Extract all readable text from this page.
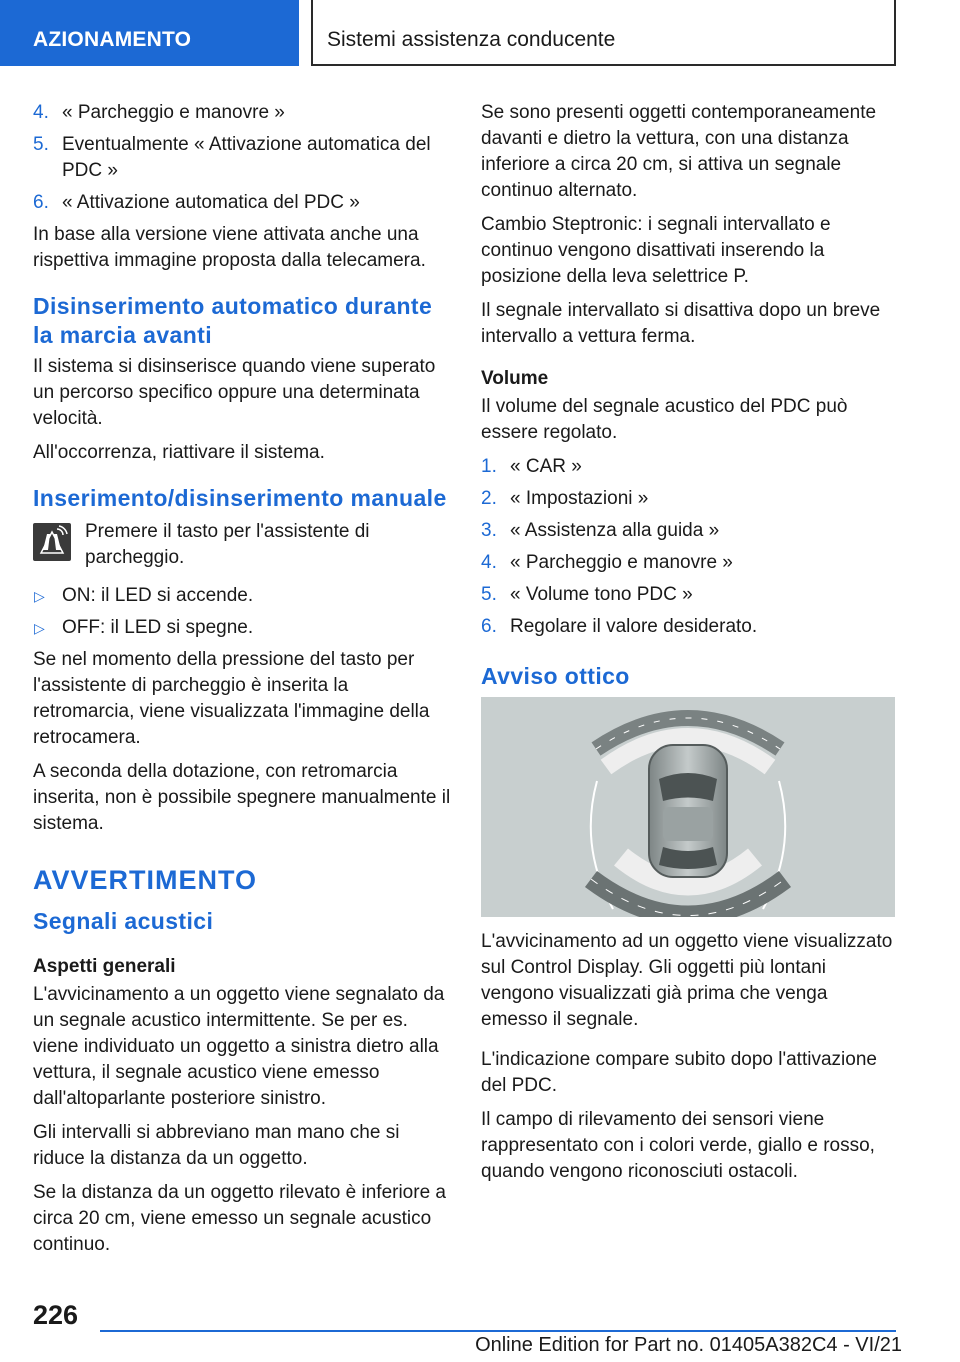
AZIONAMENTO	Sistemi assistenza conducente
4. « Parcheggio e manovre »
5. Eventualmente « Attivazione automatica del PDC »
6. « Attivazione automatica del PDC »

In base alla versione viene attivata anche una rispettiva immagine proposta dalla telecamera.

Disinserimento automatico durante la marcia avanti

Il sistema si disinserisce quando viene superato un percorso specifico oppure una determinata velocità.

All'occorrenza, riattivare il sistema.

Inserimento/disinserimento manuale

Premere il tasto per l'assistente di parcheggio.

▷ ON: il LED si accende.
▷ OFF: il LED si spegne.

Se nel momento della pressione del tasto per l'assistente di parcheggio è inserita la retromarcia, viene visualizzata l'immagine della retrocamera.

A seconda della dotazione, con retromarcia inserita, non è possibile spegnere manualmente il sistema.

AVVERTIMENTO
Segnali acustici
Aspetti generali

L'avvicinamento a un oggetto viene segnalato da un segnale acustico intermittente. Se per es. viene individuato un oggetto a sinistra dietro alla vettura, il segnale acustico viene emesso dall'altoparlante posteriore sinistro.

Gli intervalli si abbreviano man mano che si riduce la distanza da un oggetto.

Se la distanza da un oggetto rilevato è inferiore a circa 20 cm, viene emesso un segnale acustico continuo.

Se sono presenti oggetti contemporaneamente davanti e dietro la vettura, con una distanza inferiore a circa 20 cm, si attiva un segnale continuo alternato.

Cambio Steptronic: i segnali intervallato e continuo vengono disattivati inserendo la posizione della leva selettrice P.

Il segnale intervallato si disattiva dopo un breve intervallo a vettura ferma.

Volume

Il volume del segnale acustico del PDC può essere regolato.

1. « CAR »
2. « Impostazioni »
3. « Assistenza alla guida »
4. « Parcheggio e manovre »
5. « Volume tono PDC »
6. Regolare il valore desiderato.
Avviso ottico

L'avvicinamento ad un oggetto viene visualizzato sul Control Display. Gli oggetti più lontani vengono visualizzati già prima che venga emesso il segnale.

L'indicazione compare subito dopo l'attivazione del PDC.

Il campo di rilevamento dei sensori viene rappresentato con i colori verde, giallo e rosso, quando vengono riconosciuti ostacoli.

226
Online Edition for Part no. 01405A382C4 - VI/21
